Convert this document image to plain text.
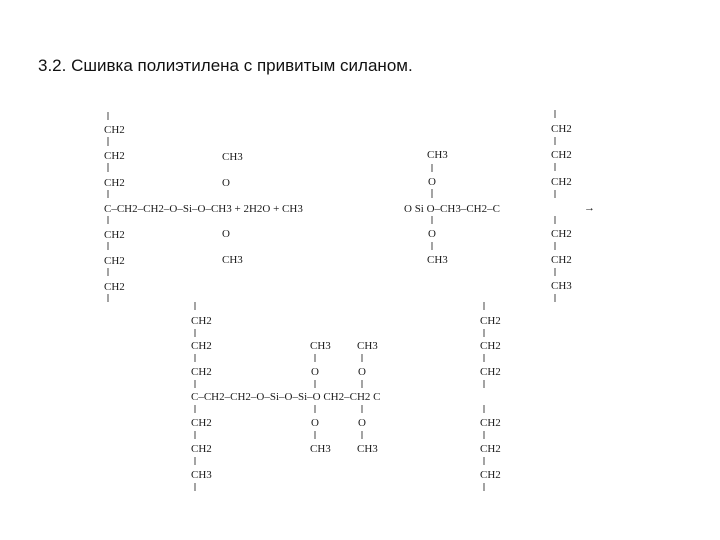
3.2. Сшивка полиэтилена с привитым силаном.
CH2
CH2
CH2
C–CH2–CH2–O–Si–O–CH3 + 2H2O + CH3
CH2
CH2
CH2
CH3
O
O
CH3
CH3
O
O Si O–CH3–CH2–C
O
CH3
CH2
CH2
CH2
CH2
CH2
CH3
→
CH2
CH2
CH2
C–CH2–CH2–O–Si–O–Si–O CH2–CH2 C
CH2
CH2
CH3
CH3
O
O
CH3
CH3
O
O
CH3
CH2
CH2
CH2
CH2
CH2
CH2
